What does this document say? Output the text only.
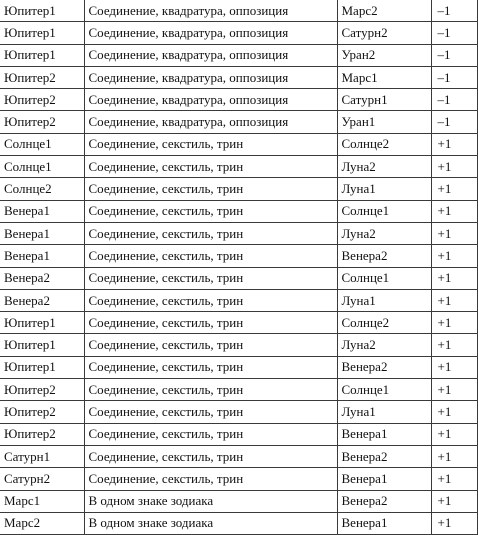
Юпитер1	Соединение, квадратура, оппозиция	Марс2	–1
Юпитер1	Соединение, квадратура, оппозиция	Сатурн2	–1
Юпитер1	Соединение, квадратура, оппозиция	Уран2	–1
Юпитер2	Соединение, квадратура, оппозиция	Марс1	–1
Юпитер2	Соединение, квадратура, оппозиция	Сатурн1	–1
Юпитер2	Соединение, квадратура, оппозиция	Уран1	–1
Солнце1	Соединение, секстиль, трин	Солнце2	+1
Солнце1	Соединение, секстиль, трин	Луна2	+1
Солнце2	Соединение, секстиль, трин	Луна1	+1
Венера1	Соединение, секстиль, трин	Солнце1	+1
Венера1	Соединение, секстиль, трин	Луна2	+1
Венера1	Соединение, секстиль, трин	Венера2	+1
Венера2	Соединение, секстиль, трин	Солнце1	+1
Венера2	Соединение, секстиль, трин	Луна1	+1
Юпитер1	Соединение, секстиль, трин	Солнце2	+1
Юпитер1	Соединение, секстиль, трин	Луна2	+1
Юпитер1	Соединение, секстиль, трин	Венера2	+1
Юпитер2	Соединение, секстиль, трин	Солнце1	+1
Юпитер2	Соединение, секстиль, трин	Луна1	+1
Юпитер2	Соединение, секстиль, трин	Венера1	+1
Сатурн1	Соединение, секстиль, трин	Венера2	+1
Сатурн2	Соединение, секстиль, трин	Венера1	+1
Марс1	В одном знаке зодиака	Венера2	+1
Марс2	В одном знаке зодиака	Венера1	+1
